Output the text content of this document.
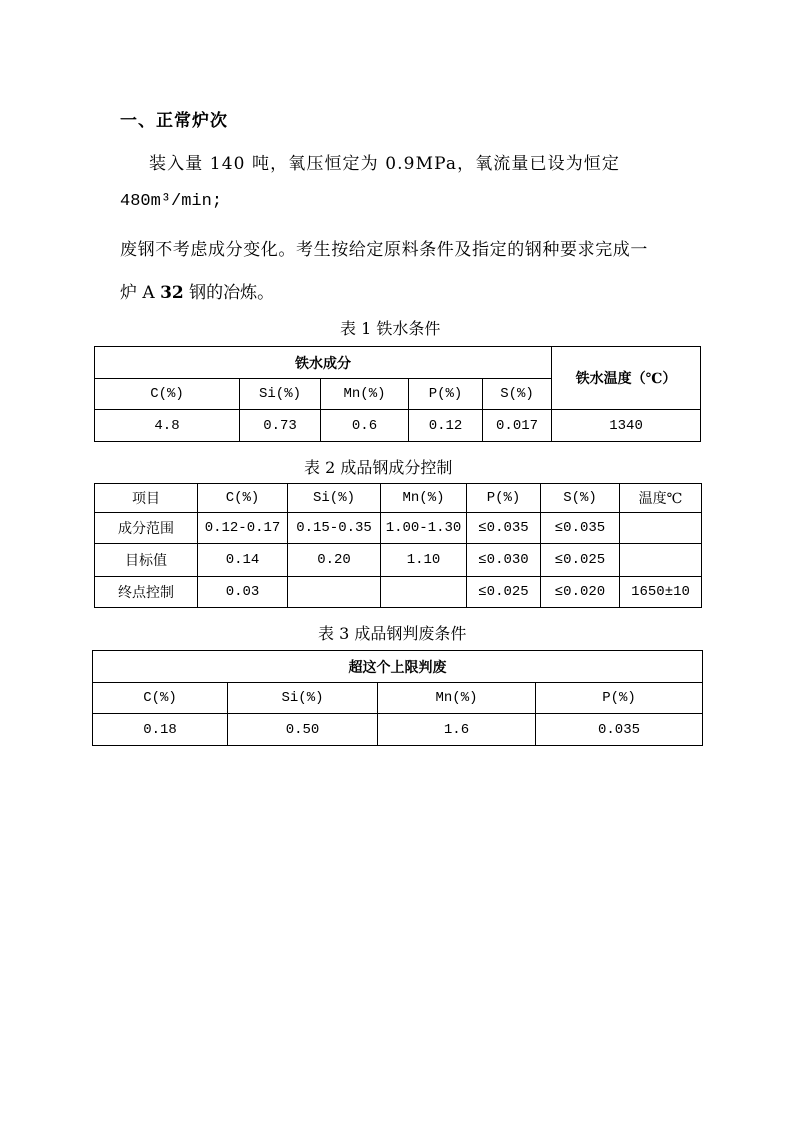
一、正常炉次
装入量 140 吨，氧压恒定为 0.9MPa，氧流量已设为恒定
480m³/min;
废钢不考虑成分变化。考生按给定原料条件及指定的钢种要求完成一
炉 A 32 钢的冶炼。
表 1 铁水条件
铁水成分					铁水温度（℃）
C(%)	Si(%)	Mn(%)	P(%)	S(%)	
4.8	0.73	0.6	0.12	0.017	1340
表 2 成品钢成分控制
项目	C(%)	Si(%)	Mn(%)	P(%)	S(%)	温度℃
成分范围	0.12-0.17	0.15-0.35	1.00-1.30	≤0.035	≤0.035	
目标值	0.14	0.20	1.10	≤0.030	≤0.025	
终点控制	0.03			≤0.025	≤0.020	1650±10
表 3 成品钢判废条件
超这个上限判废			
C(%)	Si(%)	Mn(%)	P(%)
0.18	0.50	1.6	0.035
